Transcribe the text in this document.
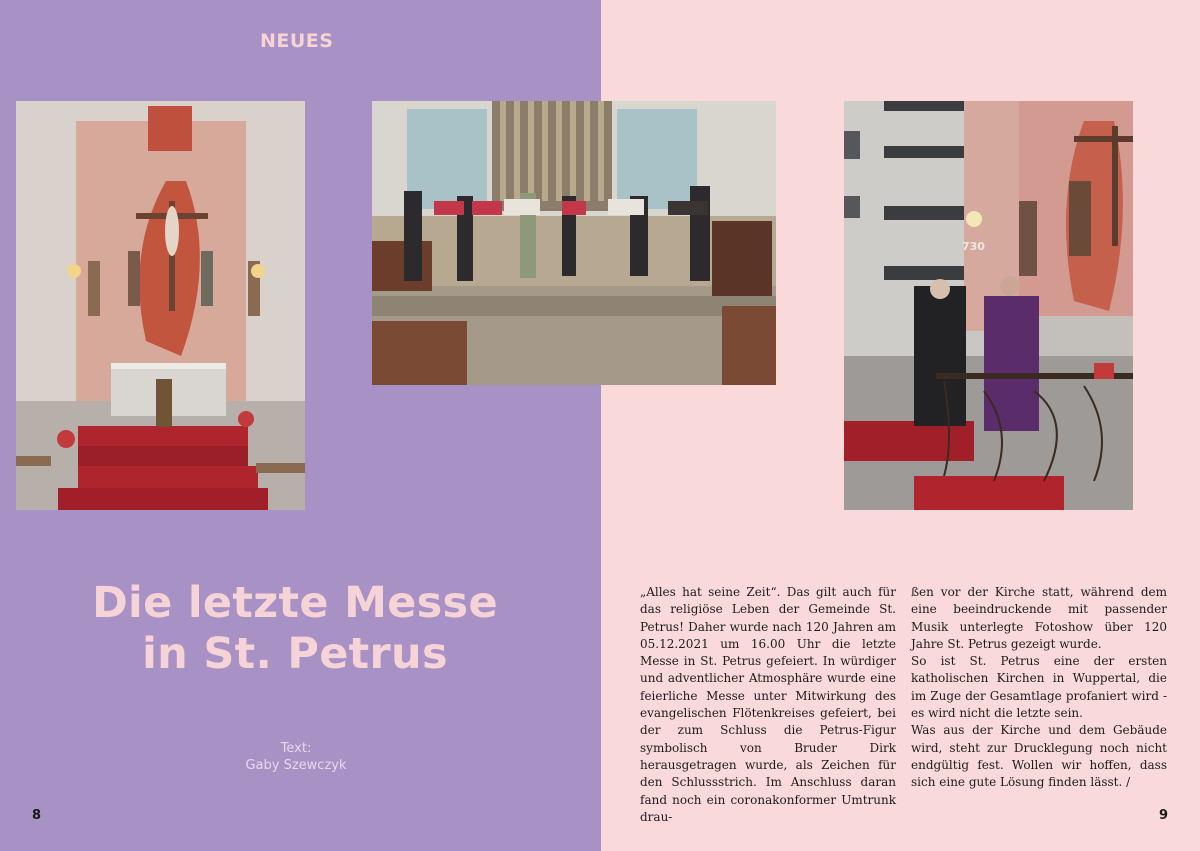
NEUES
730
Die letzte Messe
in St. Petrus
Text:
Gaby Szewczyk

„Alles hat seine Zeit“. Das gilt auch für das religiöse Leben der Gemeinde St. Petrus! Daher wurde nach 120 Jahren am 05.12.2021 um 16.00 Uhr die letzte Messe in St. Petrus gefeiert. In würdiger und adventlicher Atmosphäre wurde eine feierliche Messe unter Mitwirkung des evangelischen Flötenkreises gefeiert, bei der zum Schluss die Petrus-Figur symbolisch von Bruder Dirk herausgetragen wurde, als Zeichen für den Schlussstrich. Im Anschluss daran fand noch ein coronakonformer Umtrunk drau-

ßen vor der Kirche statt, während dem eine beeindruckende mit passender Musik unterlegte Fotoshow über 120 Jahre St. Petrus gezeigt wurde.

So ist St. Petrus eine der ersten katholischen Kirchen in Wuppertal, die im Zuge der Gesamtlage profaniert wird - es wird nicht die letzte sein.

Was aus der Kirche und dem Gebäude wird, steht zur Drucklegung noch nicht endgültig fest. Wollen wir hoffen, dass sich eine gute Lösung finden lässt. /

8	9
